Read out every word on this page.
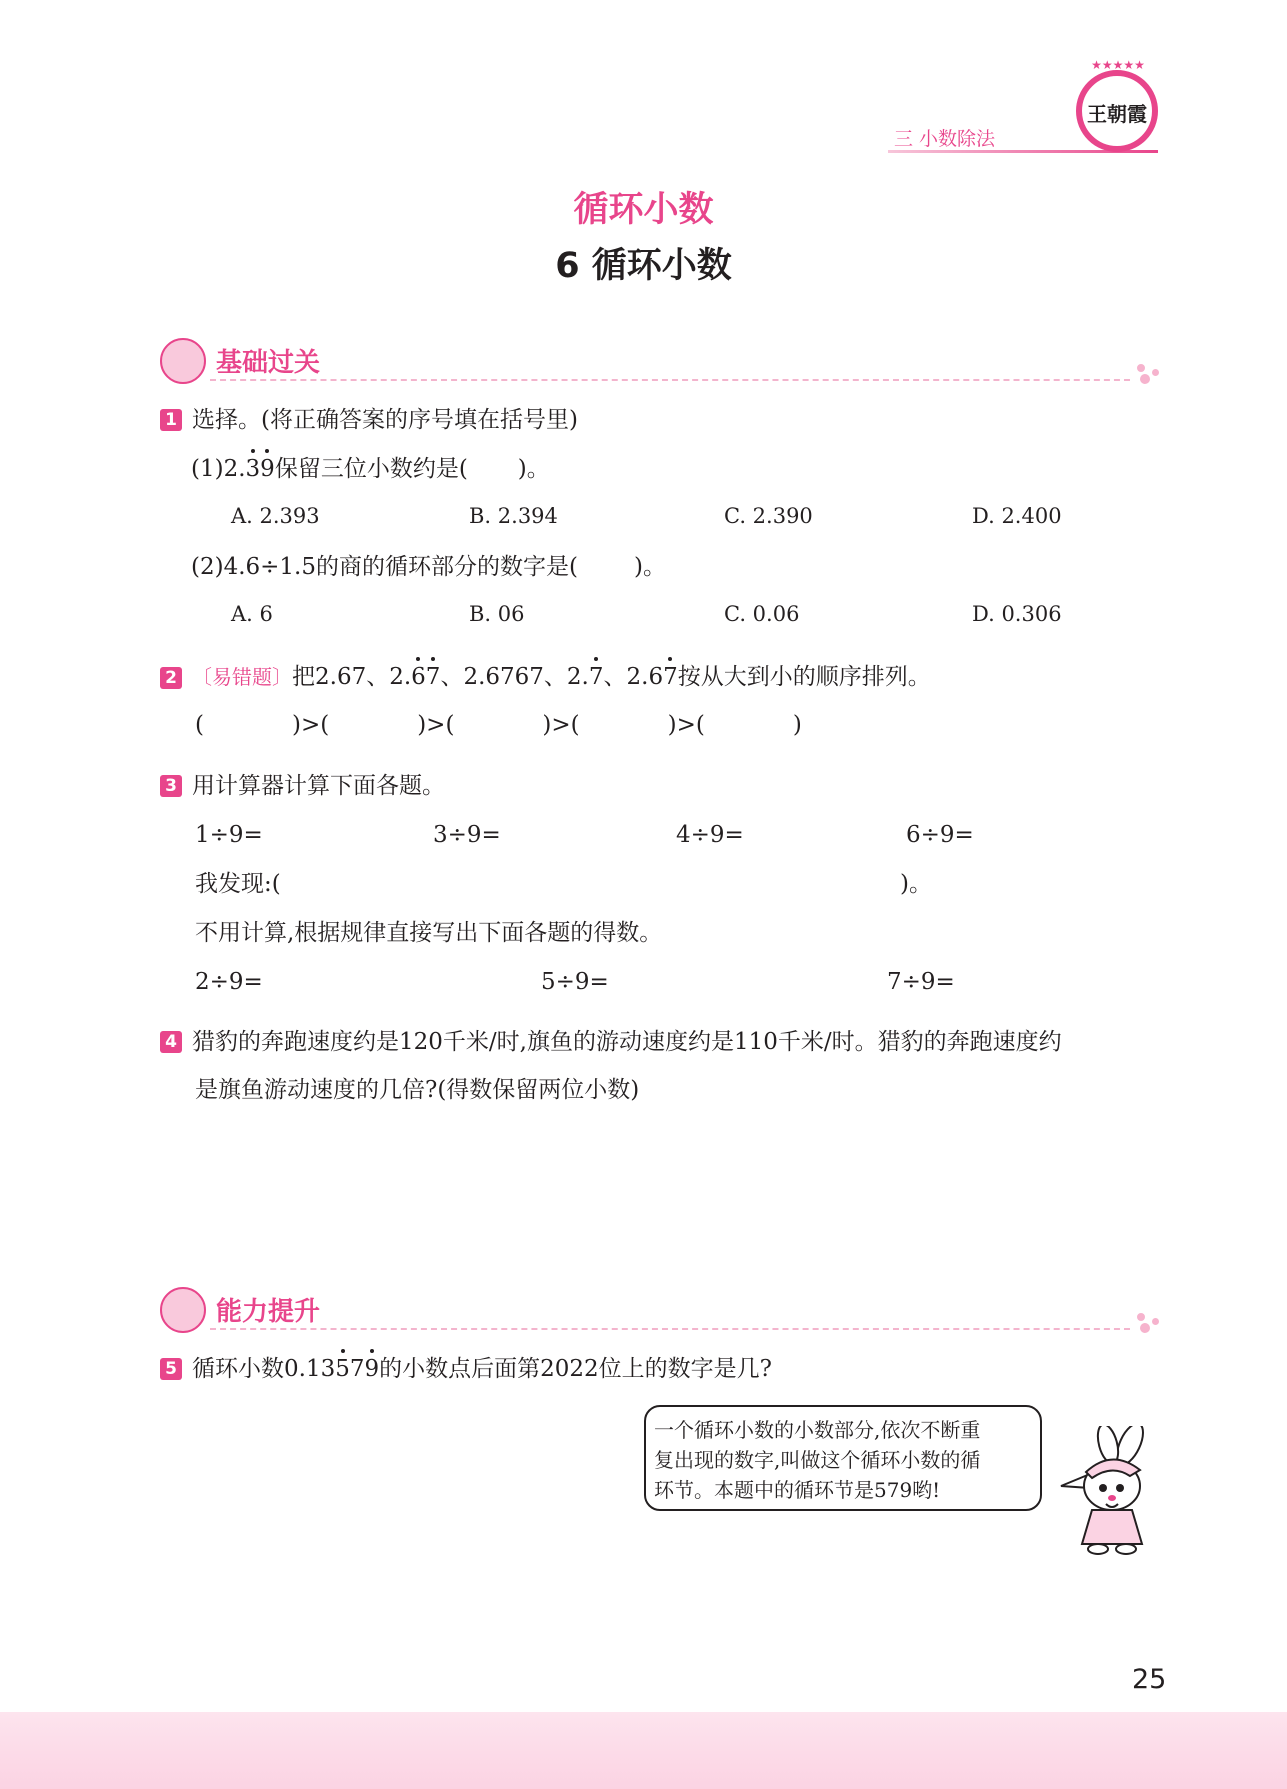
三 小数除法
★★★★★
王朝霞
循环小数
6 循环小数
基础过关
1 选择。(将正确答案的序号填在括号里)
(1)2.39保留三位小数约是( )。
A. 2.393	B. 2.394	C. 2.390	D. 2.400
(2)4.6÷1.5的商的循环部分的数字是( )。
A. 6	B. 06	C. 0.06	D. 0.306
2 〔易错题〕把2.67、2.67、2.6767、2.7、2.67按从大到小的顺序排列。
(	)>(	)>(	)>(	)>(	)
3 用计算器计算下面各题。
1÷9=	3÷9=	4÷9=	6÷9=
我发现:(	)。
不用计算,根据规律直接写出下面各题的得数。
2÷9=	5÷9=	7÷9=
4 猎豹的奔跑速度约是120千米/时,旗鱼的游动速度约是110千米/时。猎豹的奔跑速度约
是旗鱼游动速度的几倍?(得数保留两位小数)
能力提升
5 循环小数0.13579的小数点后面第2022位上的数字是几?
一个循环小数的小数部分,依次不断重
复出现的数字,叫做这个循环小数的循
环节。本题中的循环节是579哟!
25
